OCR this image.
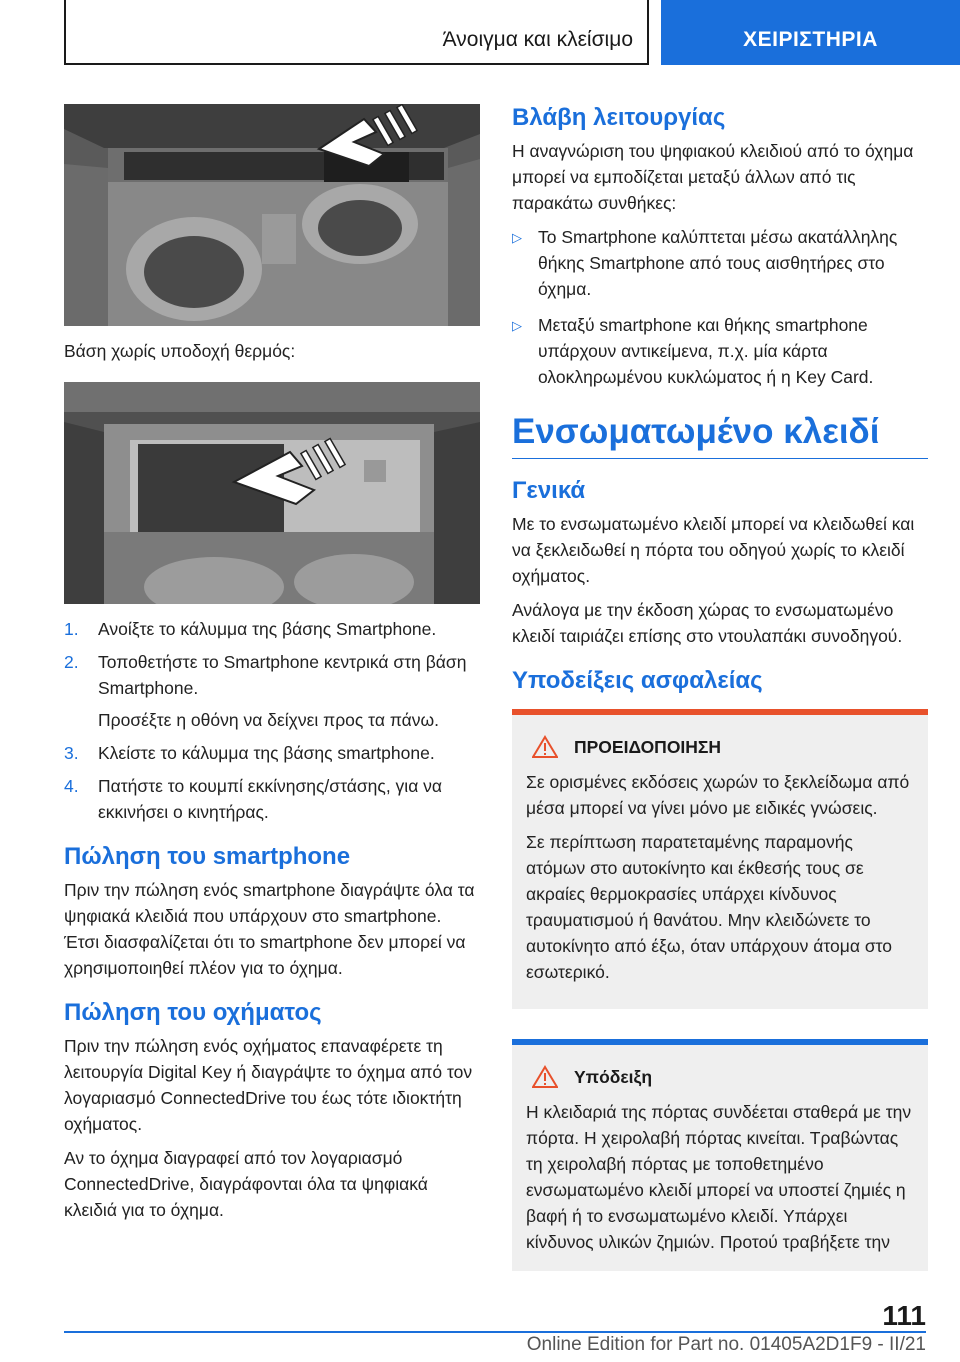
Άνοιγμα και κλείσιμο	ΧΕΙΡΙΣΤΗΡΙΑ

Βάση χωρίς υποδοχή θερμός:

1. Ανοίξτε το κάλυμμα της βάσης Smartphone.
2. Τοποθετήστε το Smartphone κεντρικά στη βάση Smartphone.
Προσέξτε η οθόνη να δείχνει προς τα πάνω.
3. Κλείστε το κάλυμμα της βάσης smartphone.
4. Πατήστε το κουμπί εκκίνησης/στάσης, για να εκκινήσει ο κινητήρας.
Πώληση του smartphone

Πριν την πώληση ενός smartphone διαγράψτε όλα τα ψηφιακά κλειδιά που υπάρχουν στο smartphone. Έτσι διασφαλίζεται ότι το smartphone δεν μπορεί να χρησιμοποιηθεί πλέον για το όχημα.

Πώληση του οχήματος

Πριν την πώληση ενός οχήματος επαναφέρετε τη λειτουργία Digital Key ή διαγράψτε το όχημα από τον λογαριασμό ConnectedDrive του έως τότε ιδιοκτήτη οχήματος.

Αν το όχημα διαγραφεί από τον λογαριασμό ConnectedDrive, διαγράφονται όλα τα ψηφιακά κλειδιά για το όχημα.

Βλάβη λειτουργίας

Η αναγνώριση του ψηφιακού κλειδιού από το όχημα μπορεί να εμποδίζεται μεταξύ άλλων από τις παρακάτω συνθήκες:

▷ Το Smartphone καλύπτεται μέσω ακατάλληλης θήκης Smartphone από τους αισθητήρες στο όχημα.
▷ Μεταξύ smartphone και θήκης smartphone υπάρχουν αντικείμενα, π.χ. μία κάρτα ολοκληρωμένου κυκλώματος ή η Key Card.
Ενσωματωμένο κλειδί
Γενικά

Με το ενσωματωμένο κλειδί μπορεί να κλειδωθεί και να ξεκλειδωθεί η πόρτα του οδηγού χωρίς το κλειδί οχήματος.

Ανάλογα με την έκδοση χώρας το ενσωματωμένο κλειδί ταιριάζει επίσης στο ντουλαπάκι συνοδηγού.

Υποδείξεις ασφαλείας
ΠΡΟΕΙΔΟΠΟΙΗΣΗ

Σε ορισμένες εκδόσεις χωρών το ξεκλείδωμα από μέσα μπορεί να γίνει μόνο με ειδικές γνώσεις.

Σε περίπτωση παρατεταμένης παραμονής ατόμων στο αυτοκίνητο και έκθεσής τους σε ακραίες θερμοκρασίες υπάρχει κίνδυνος τραυματισμού ή θανάτου. Μην κλειδώνετε το αυτοκίνητο από έξω, όταν υπάρχουν άτομα στο εσωτερικό.

Υπόδειξη

Η κλειδαριά της πόρτας συνδέεται σταθερά με την πόρτα. Η χειρολαβή πόρτας κινείται. Τραβώντας τη χειρολαβή πόρτας με τοποθετημένο ενσωματωμένο κλειδί μπορεί να υποστεί ζημιές η βαφή ή το ενσωματωμένο κλειδί. Υπάρχει κίνδυνος υλικών ζημιών. Προτού τραβήξετε την

111
Online Edition for Part no. 01405A2D1F9 - II/21
